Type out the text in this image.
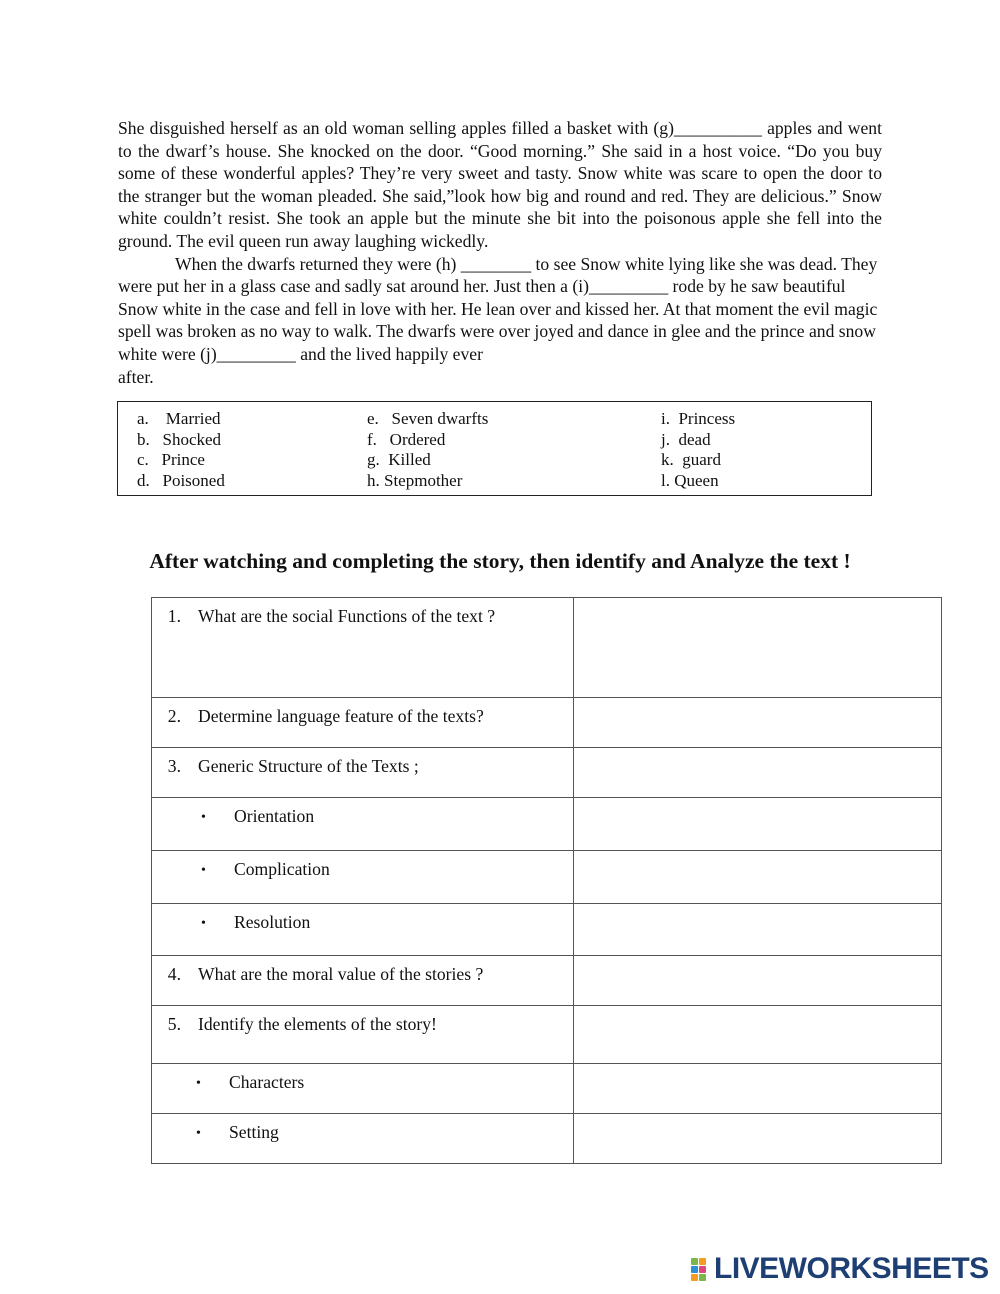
She disguished herself as an old woman selling apples filled a basket with (g)__________ apples and went to the dwarf’s house. She knocked on the door. “Good morning.” She said in a host voice. “Do you buy some of these wonderful apples? They’re very sweet and tasty. Snow white was scare to open the door to the stranger but the woman pleaded. She said,”look how big and round and red. They are delicious.” Snow white couldn’t resist. She took an apple but the minute she bit into the poisonous apple she fell into the ground. The evil queen run away laughing wickedly.

When the dwarfs returned they were (h) ________ to see Snow white lying like she was dead. They were put her in a glass case and sadly sat around her. Just then a (i)_________ rode by he saw beautiful Snow white in the case and fell in love with her. He lean over and kissed her. At that moment the evil magic spell was broken as no way to walk. The dwarfs were over joyed and dance in glee and the prince and snow white were (j)_________ and the lived happily ever

after.

a.    Married
b.   Shocked
c.   Prince
d.   Poisoned
e.   Seven dwarfts
f.   Ordered
g.  Killed
h. Stepmother
i.  Princess
j.  dead
k.  guard
l. Queen
After watching and completing the story, then identify and Analyze the text !
1. What are the social Functions of the text ?	

2. Determine language feature of the texts?	

3. Generic Structure of the Texts ;	

• Orientation	

• Complication	

• Resolution	

4. What are the moral value of the stories ?	

5. Identify the elements of the story!	

• Characters	

• Setting	

LIVEWORKSHEETS
